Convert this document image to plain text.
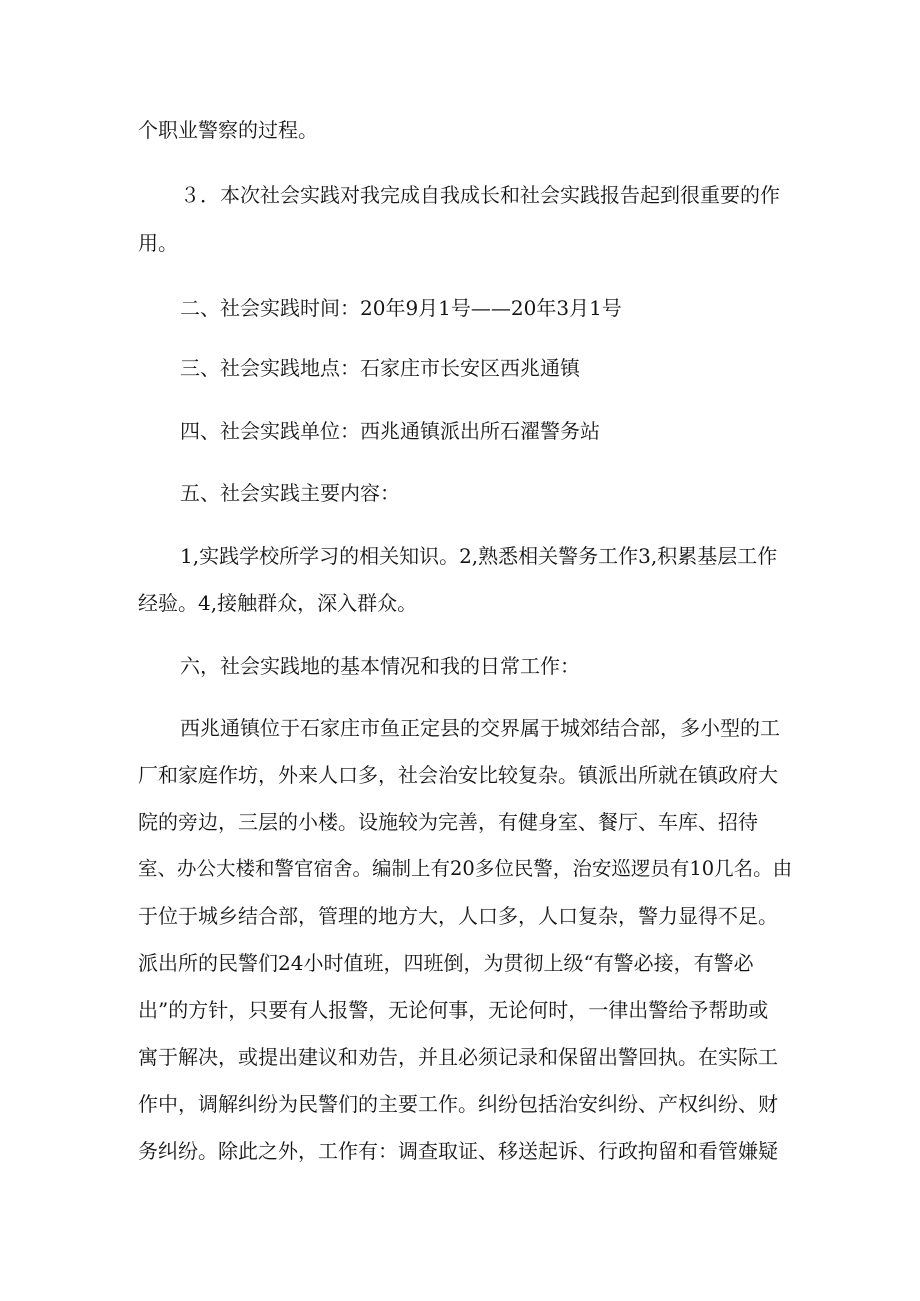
个职业警察的过程。

３．本次社会实践对我完成自我成长和社会实践报告起到很重要的作

用。

二、社会实践时间：20年9月1号——20年3月1号

三、社会实践地点：石家庄市长安区西兆通镇

四、社会实践单位：西兆通镇派出所石濯警务站

五、社会实践主要内容：

1,实践学校所学习的相关知识。2,熟悉相关警务工作3,积累基层工作

经验。4,接触群众，深入群众。

六，社会实践地的基本情况和我的日常工作：

西兆通镇位于石家庄市鱼正定县的交界属于城郊结合部，多小型的工

厂和家庭作坊，外来人口多，社会治安比较复杂。镇派出所就在镇政府大

院的旁边，三层的小楼。设施较为完善，有健身室、餐厅、车库、招待

室、办公大楼和警官宿舍。编制上有20多位民警，治安巡逻员有10几名。由

于位于城乡结合部，管理的地方大，人口多，人口复杂，警力显得不足。

派出所的民警们24小时值班，四班倒，为贯彻上级“有警必接，有警必

出”的方针，只要有人报警，无论何事，无论何时，一律出警给予帮助或

寓于解决，或提出建议和劝告，并且必须记录和保留出警回执。在实际工

作中，调解纠纷为民警们的主要工作。纠纷包括治安纠纷、产权纠纷、财

务纠纷。除此之外，工作有：调查取证、移送起诉、行政拘留和看管嫌疑
